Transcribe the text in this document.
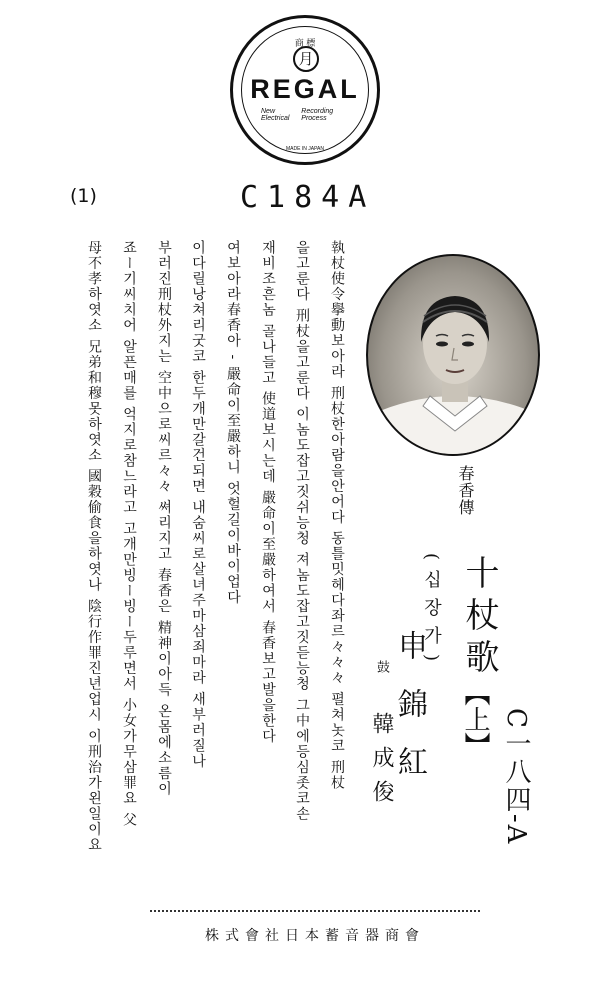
商 標
月
REGAL
New Electrical
Recording Process
MADE IN JAPAN
(1)	C184A
春香傳
十杖歌
【上】
(십장가)
C一八四-A
申錦紅
鼓
韓成俊
執杖使令擧動보아라 刑杖한아람을안어다 동틀밋헤다좌르々々々 펼쳐놋코 刑杖
을고룬다 刑杖을고룬다 이놈도잡고짓쉬능청 져놈도잡고짓듣능청 그中에등심좃코손
재비조흔놈 골나들고 使道보시는데 嚴命이至嚴하여서 春香보고발을한다
여보아라春香아 - 嚴命이至嚴하니 엇헐길이바이업다
이다릴낭쳐리굿코 한두개만갈건되면 내숨씨로살녀주마삼죄마라 새부러질나
부러진刑杖外지는 空中으로씨르々々 쎠리지고 春香은 精神이아득 온몸에소름이
죠ー기씨치어 알픈매를 억지로참느라고 고개만빙ー빙ー두루면서 小女가무삼罪요 父
母不孝하엿소 兄弟和穆못하엿소 國穀偷食을하엿나 陰行作罪진년업시 이刑治가왼일이요
株式會社日本蓄音器商會
